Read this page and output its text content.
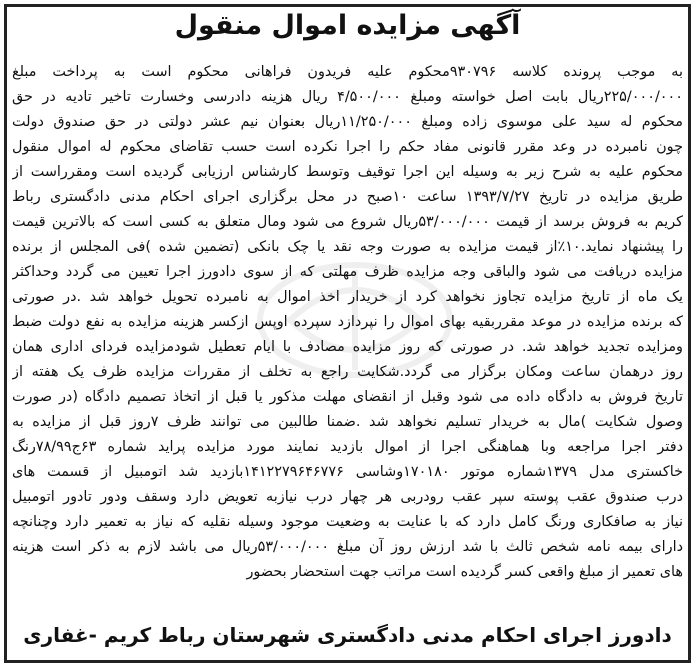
آگهی مزایده اموال منقول
به موجب پرونده کلاسه ۹۳۰۷۹۶محکوم علیه فریدون فراهانی محکوم است به پرداخت مبلغ
۲۲۵/۰۰۰/۰۰۰ریال بابت اصل خواسته ومبلغ ۴/۵۰۰/۰۰۰ ریال هزینه دادرسی وخسارت تاخیر تادیه در حق
محکوم له سید علی موسوی زاده ومبلغ ۱۱/۲۵۰/۰۰۰ریال بعنوان نیم عشر دولتی در حق صندوق دولت
چون نامبرده در وعد مقرر قانونی مفاد حکم را اجرا نکرده است حسب تقاضای محکوم له اموال منقول
محکوم علیه به شرح زیر به وسیله این اجرا توقیف وتوسط کارشناس ارزیابی گردیده است ومقرراست از
طریق مزایده در تاریخ ۱۳۹۳/۷/۲۷ ساعت ۱۰صبح در محل برگزاری اجرای احکام مدنی دادگستری رباط
کریم به فروش برسد از قیمت ۵۳/۰۰۰/۰۰۰ریال شروع می شود ومال متعلق به کسی است که بالاترین قیمت
را پیشنهاد نماید.۱۰٪از قیمت مزایده به صورت وجه نقد یا چک بانکی (تضمین شده )فی المجلس از برنده
مزایده دریافت می شود والباقی وجه مزایده ظرف مهلتی که از سوی دادورز اجرا تعیین می گردد وحداکثر
یک ماه از تاریخ مزایده تجاوز نخواهد کرد از خریدار اخذ اموال به نامبرده تحویل خواهد شد .در صورتی
که برنده مزایده در موعد مقرربقیه بهای اموال را نپردازد سپرده اوپس ازکسر هزینه مزایده به نفع دولت ضبط
ومزایده تجدید خواهد شد. در صورتی که روز مزایده مصادف با ایام تعطیل شودمزایده فردای اداری همان
روز درهمان ساعت ومکان برگزار می گردد.شکایت راجع به تخلف از مقررات مزایده ظرف یک هفته از
تاریخ فروش به دادگاه داده می شود وقبل از انقضای مهلت مذکور یا قبل از اتخاذ تصمیم دادگاه (در صورت
وصول شکایت )مال به خریدار تسلیم نخواهد شد .ضمنا طالبین می توانند ظرف ۷روز قبل از مزایده به
دفتر اجرا مراجعه وبا هماهنگی اجرا از اموال بازدید نمایند مورد مزایده پراید شماره ۶۳ج۷۸/۹۹رنگ
خاکستری مدل ۱۳۷۹شماره موتور ۱۷۰۱۸۰وشاسی ۱۴۱۲۲۷۹۶۴۶۷۷۶بازدید شد اتومبیل از قسمت های
درب صندوق عقب پوسته سپر عقب رودربی هر چهار درب نیازبه تعویض دارد وسقف ودور تادور اتومبیل
نیاز به صافکاری ورنگ کامل دارد که با عنایت به وضعیت موجود وسیله نقلیه که نیاز به تعمیر دارد وچنانچه
دارای بیمه نامه شخص ثالث با شد ارزش روز آن مبلغ ۵۳/۰۰۰/۰۰۰ریال می باشد لازم به ذکر است هزینه
های تعمیر از مبلغ واقعی کسر گردیده است مراتب جهت استحضار بحضور
دادورز اجرای احکام مدنی دادگستری شهرستان رباط کریم -غفاری
